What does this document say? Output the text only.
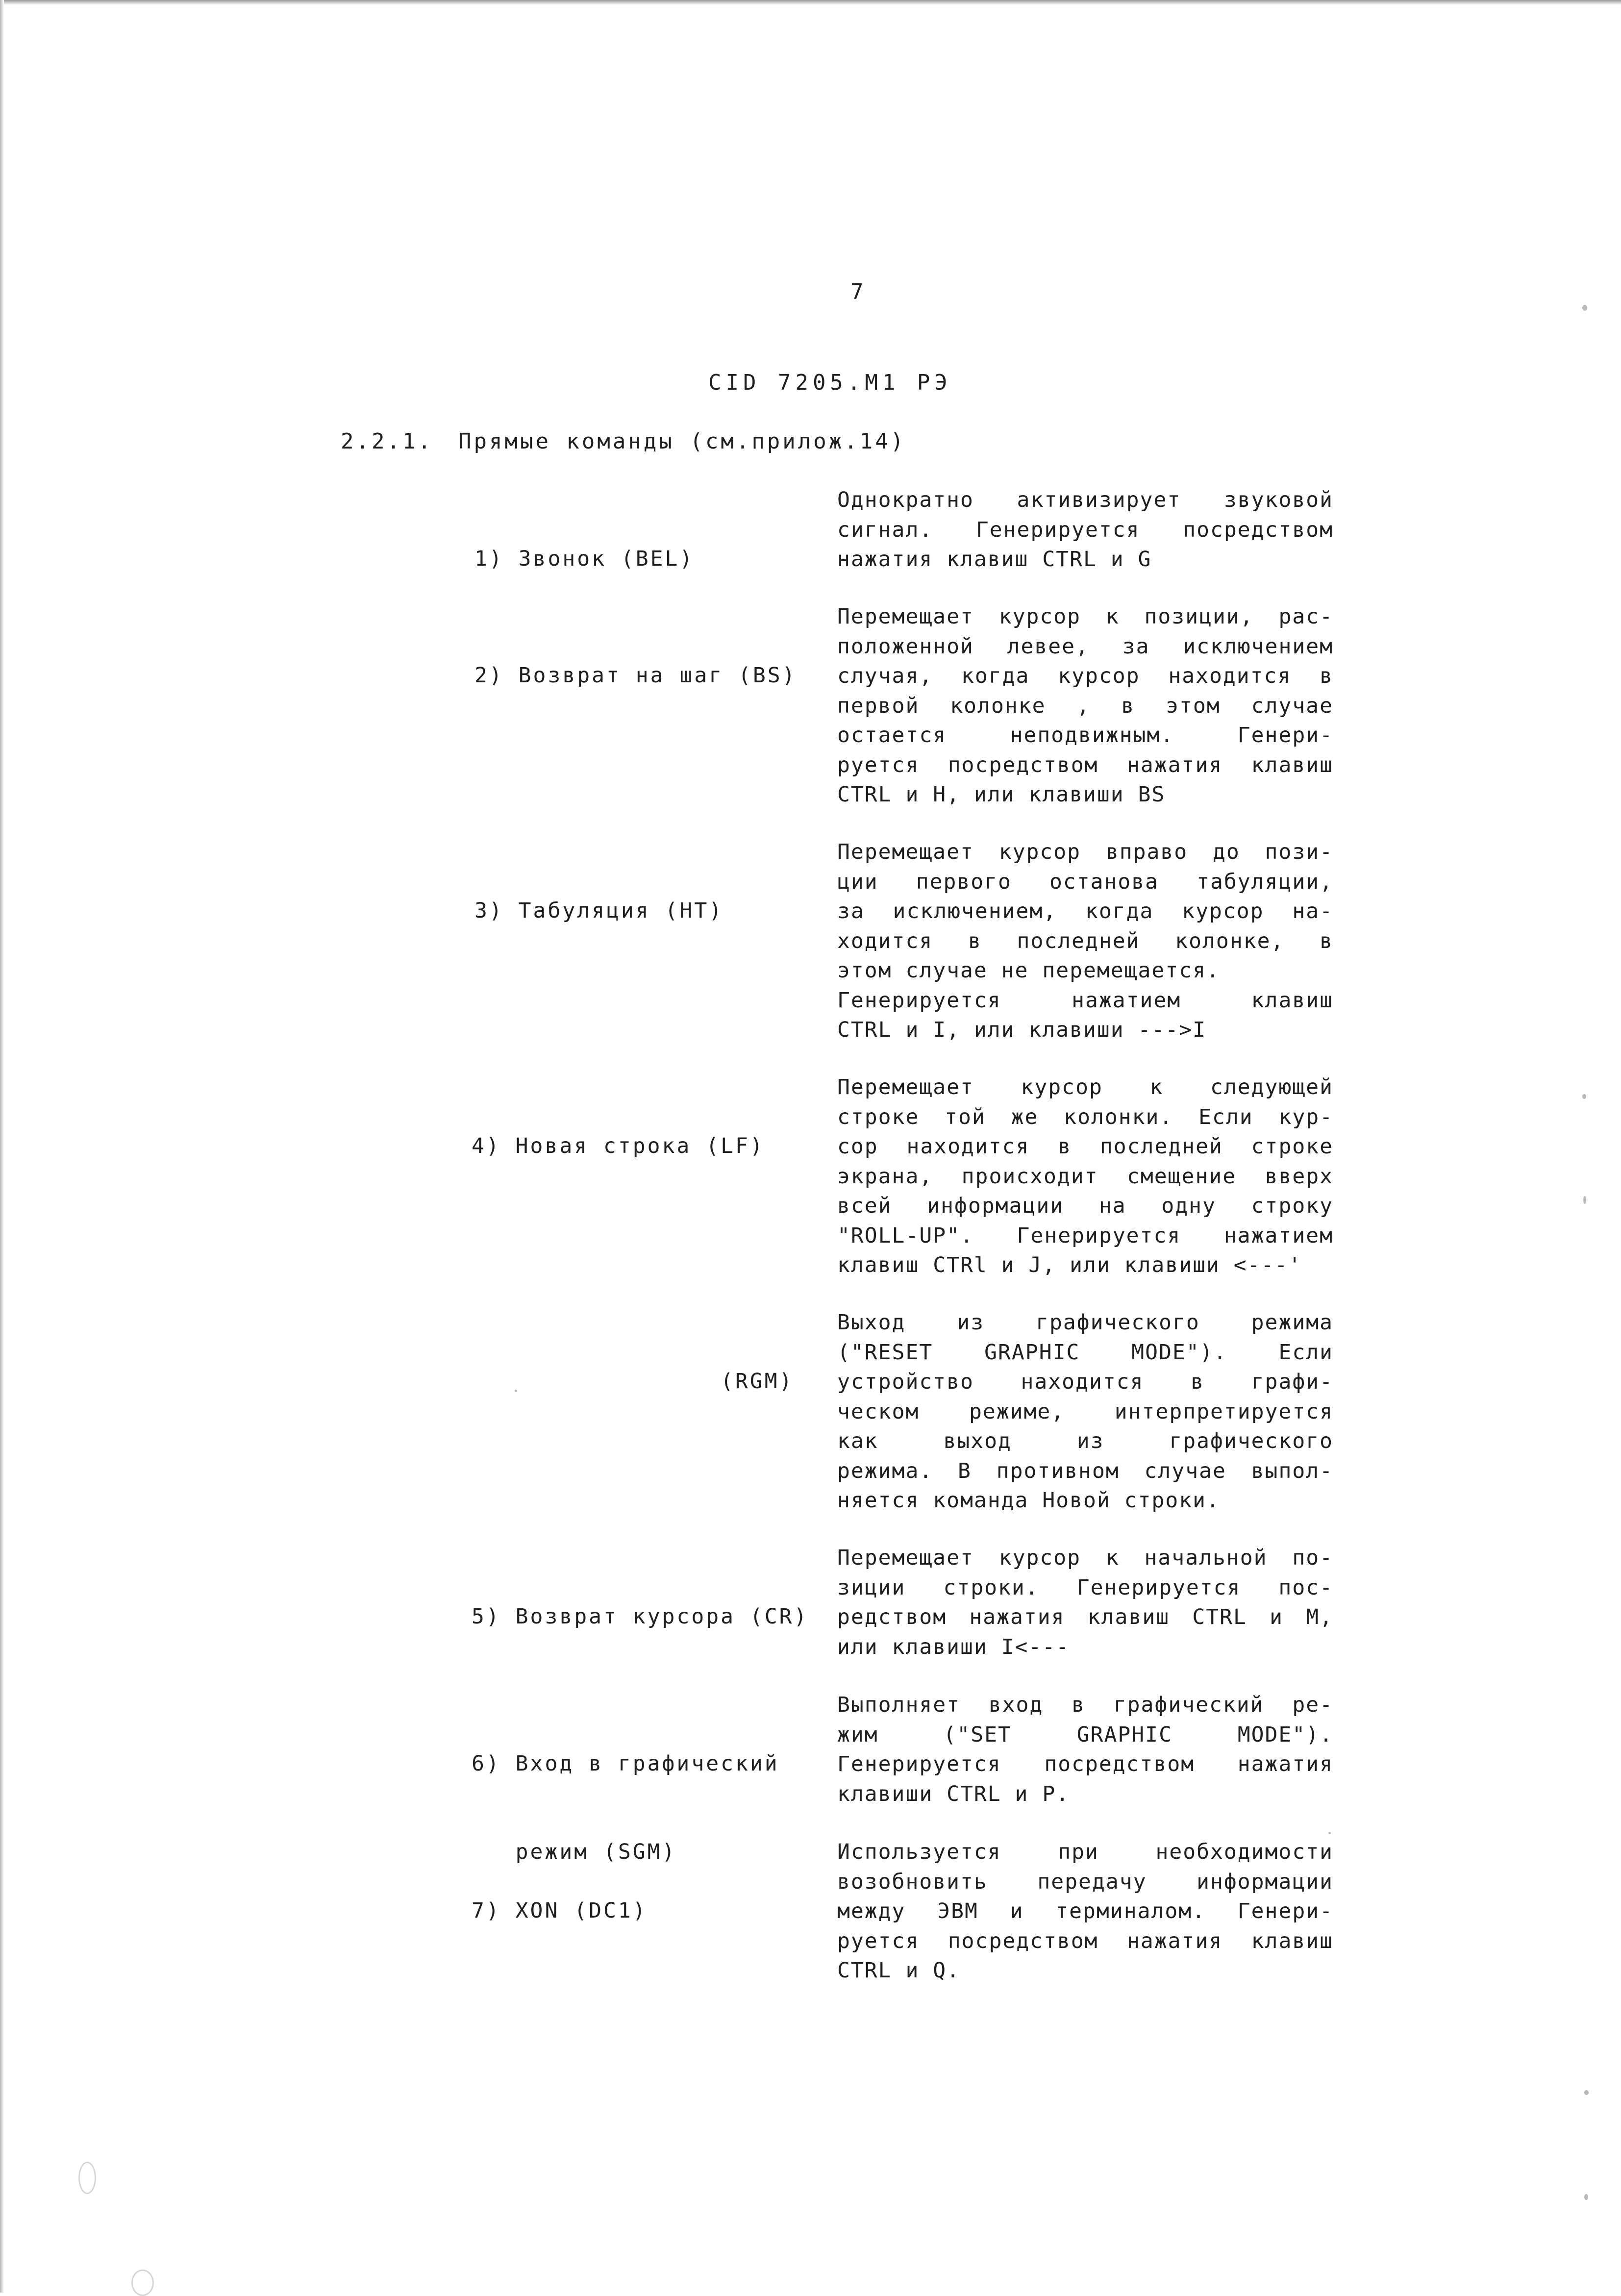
7
CID 7205.M1 РЭ
2.2.1. Прямые команды (см.прилож.14)

1) Звонок (BEL)

Однократно активизирует звуковой
сигнал. Генерируется посредством
нажатия клавиш CTRL и G

2) Возврат на шаг (BS)

Перемещает курсор к позиции, рас-
положенной левее, за исключением
случая, когда курсор находится в
первой колонке , в этом случае
остается неподвижным. Генери-
руется посредством нажатия клавиш
CTRL и H, или клавиши BS

3) Табуляция (HT)

Перемещает курсор вправо до пози-
ции первого останова табуляции,
за исключением, когда курсор на-
ходится в последней колонке, в
этом случае не перемещается.
Генерируется нажатием клавиш
CTRL и I, или клавиши --->I

4) Новая строка (LF)

Перемещает курсор к следующей
строке той же колонки. Если кур-
сор находится в последней строке
экрана, происходит смещение вверх
всей информации на одну строку
"ROLL-UP". Генерируется нажатием
клавиш CTRl и J, или клавиши <---'

(RGM)

Выход из графического режима
("RESET GRAPHIC MODE"). Если
устройство находится в графи-
ческом режиме, интерпретируется
как выход из графического
режима. В противном случае выпол-
няется команда Новой строки.

5) Возврат курсора (CR)

Перемещает курсор к начальной по-
зиции строки. Генерируется пос-
редством нажатия клавиш CTRL и M,
или клавиши I<---

6) Вход в графический

режим (SGM)

Выполняет вход в графический ре-
жим ("SET GRAPHIC MODE").
Генерируется посредством нажатия
клавиши CTRL и P.

7) XON (DC1)

Используется при необходимости
возобновить передачу информации
между ЭВМ и терминалом. Генери-
руется посредством нажатия клавиш
CTRL и Q.
